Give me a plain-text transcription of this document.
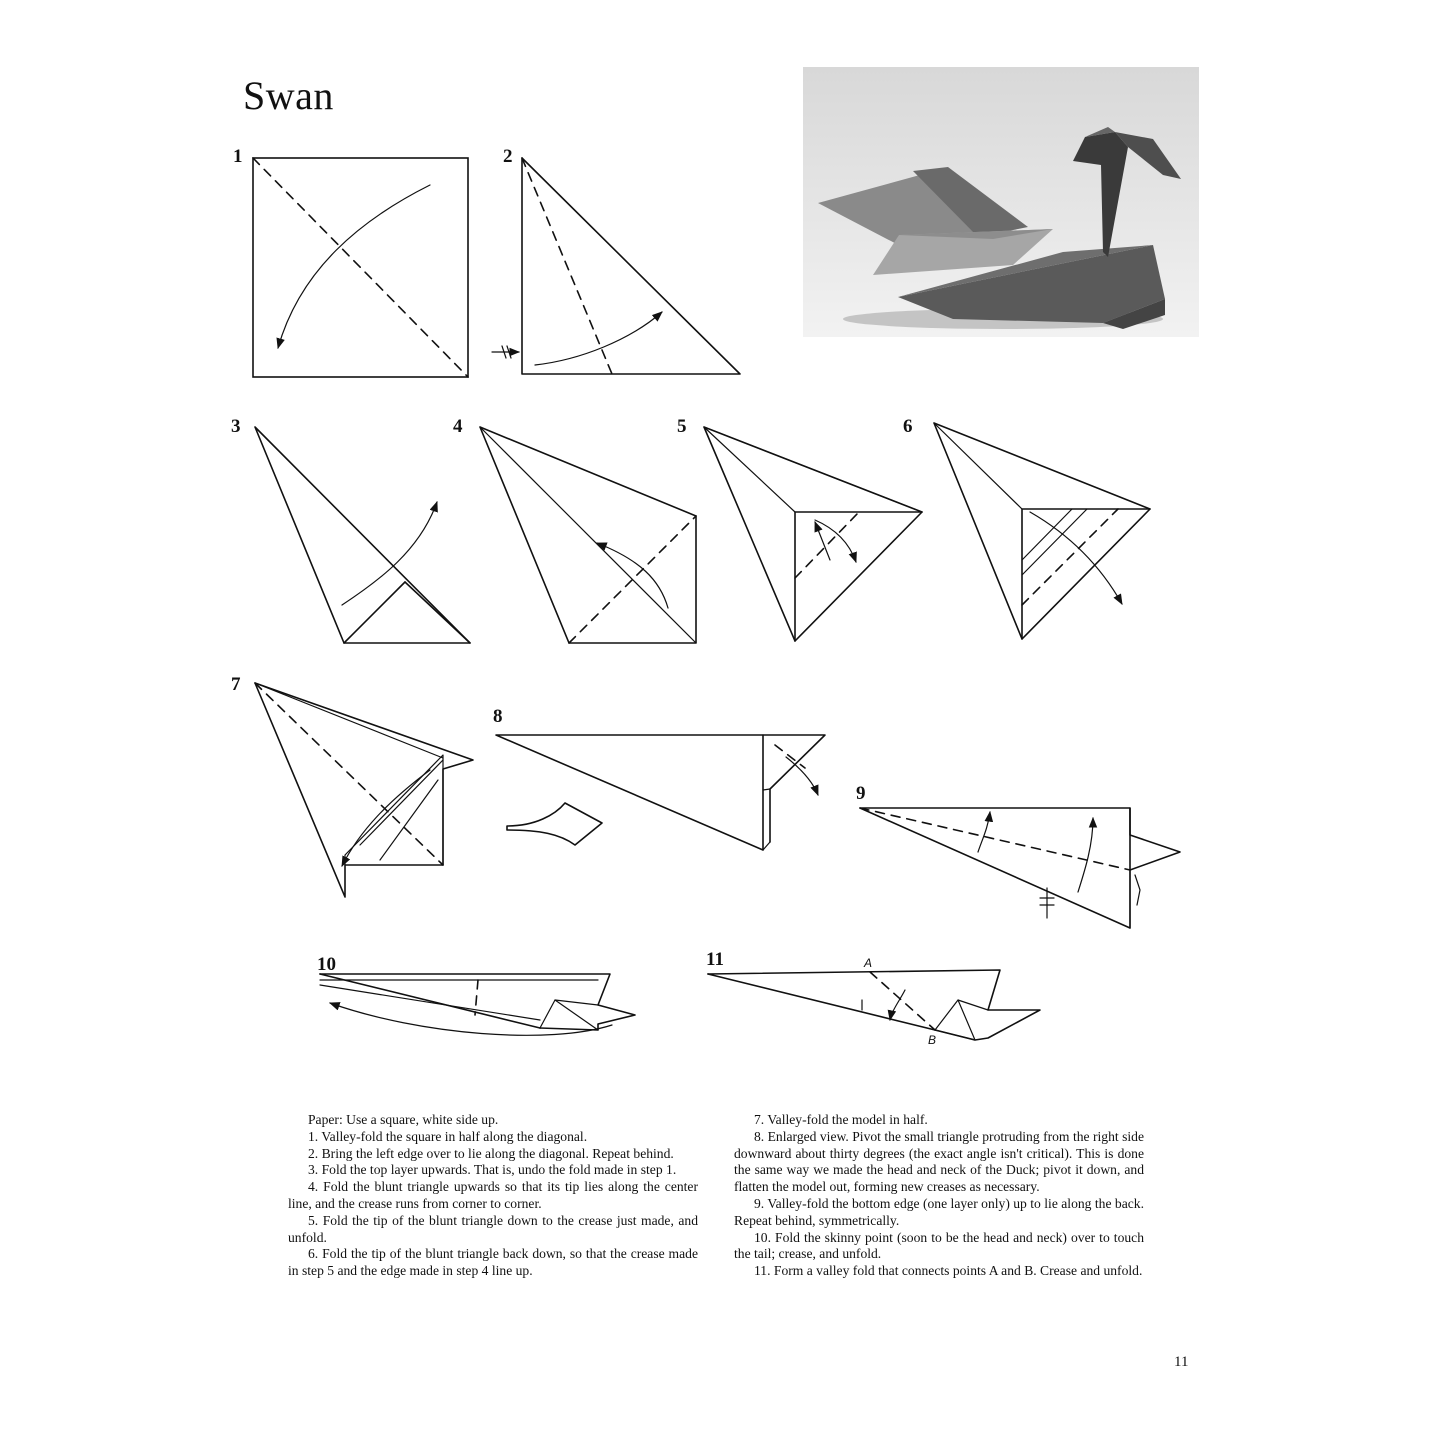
Swan
1	2
3	4	5	6
7
8
9
10	11	A
B

Paper: Use a square, white side up.

1. Valley-fold the square in half along the diagonal.

2. Bring the left edge over to lie along the diagonal. Repeat behind.

3. Fold the top layer upwards. That is, undo the fold made in step 1.

4. Fold the blunt triangle upwards so that its tip lies along the center line, and the crease runs from corner to corner.

5. Fold the tip of the blunt triangle down to the crease just made, and unfold.

6. Fold the tip of the blunt triangle back down, so that the crease made in step 5 and the edge made in step 4 line up.

7. Valley-fold the model in half.

8. Enlarged view. Pivot the small triangle protruding from the right side downward about thirty degrees (the exact angle isn't critical). This is done the same way we made the head and neck of the Duck; pivot it down, and flatten the model out, forming new creases as necessary.

9. Valley-fold the bottom edge (one layer only) up to lie along the back. Repeat behind, symmetrically.

10. Fold the skinny point (soon to be the head and neck) over to touch the tail; crease, and unfold.

11. Form a valley fold that connects points A and B. Crease and unfold.

11
